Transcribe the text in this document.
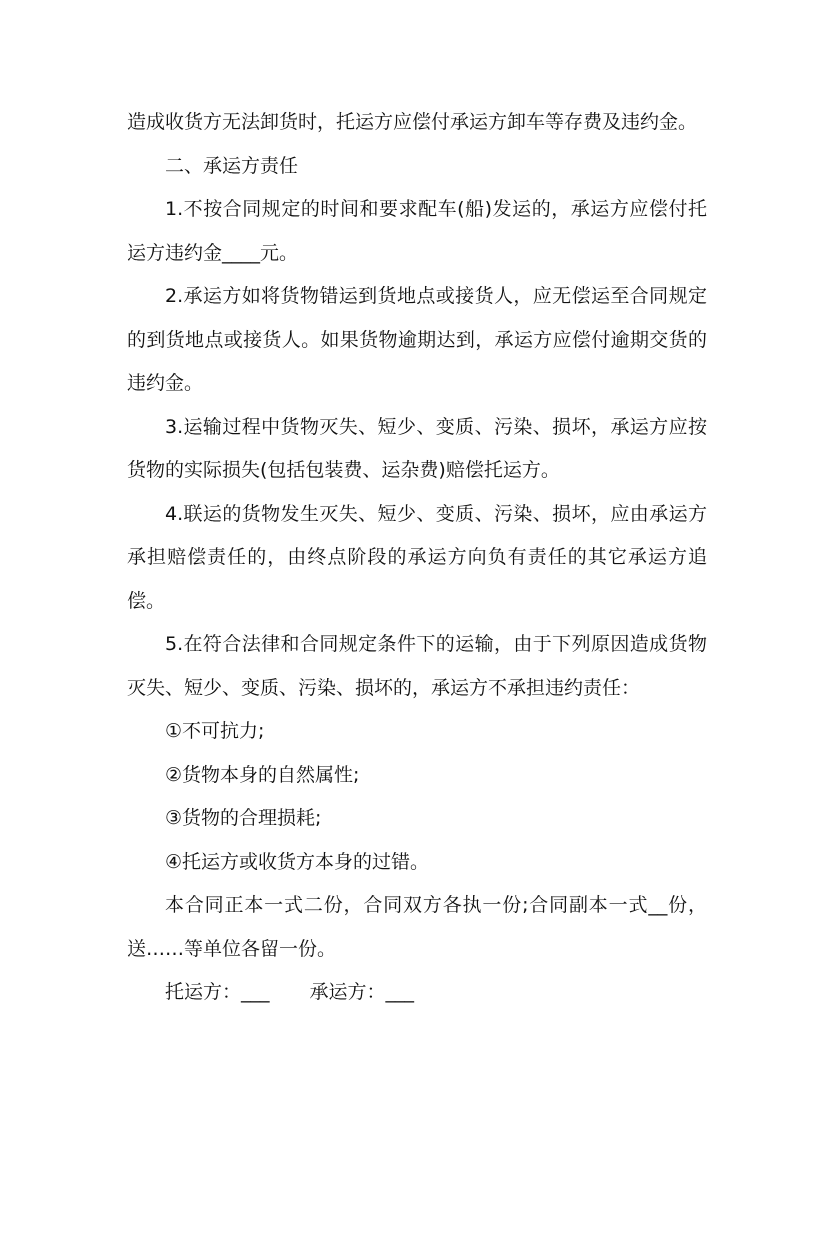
造成收货方无法卸货时，托运方应偿付承运方卸车等存费及违约金。

二、承运方责任

1.不按合同规定的时间和要求配车(船)发运的，承运方应偿付托运方违约金____元。

2.承运方如将货物错运到货地点或接货人，应无偿运至合同规定的到货地点或接货人。如果货物逾期达到，承运方应偿付逾期交货的违约金。

3.运输过程中货物灭失、短少、变质、污染、损坏，承运方应按货物的实际损失(包括包装费、运杂费)赔偿托运方。

4.联运的货物发生灭失、短少、变质、污染、损坏，应由承运方承担赔偿责任的，由终点阶段的承运方向负有责任的其它承运方追偿。

5.在符合法律和合同规定条件下的运输，由于下列原因造成货物灭失、短少、变质、污染、损坏的，承运方不承担违约责任：

①不可抗力;

②货物本身的自然属性;

③货物的合理损耗;

④托运方或收货方本身的过错。

本合同正本一式二份，合同双方各执一份;合同副本一式__份，送……等单位各留一份。

托运方：___ 承运方：___
